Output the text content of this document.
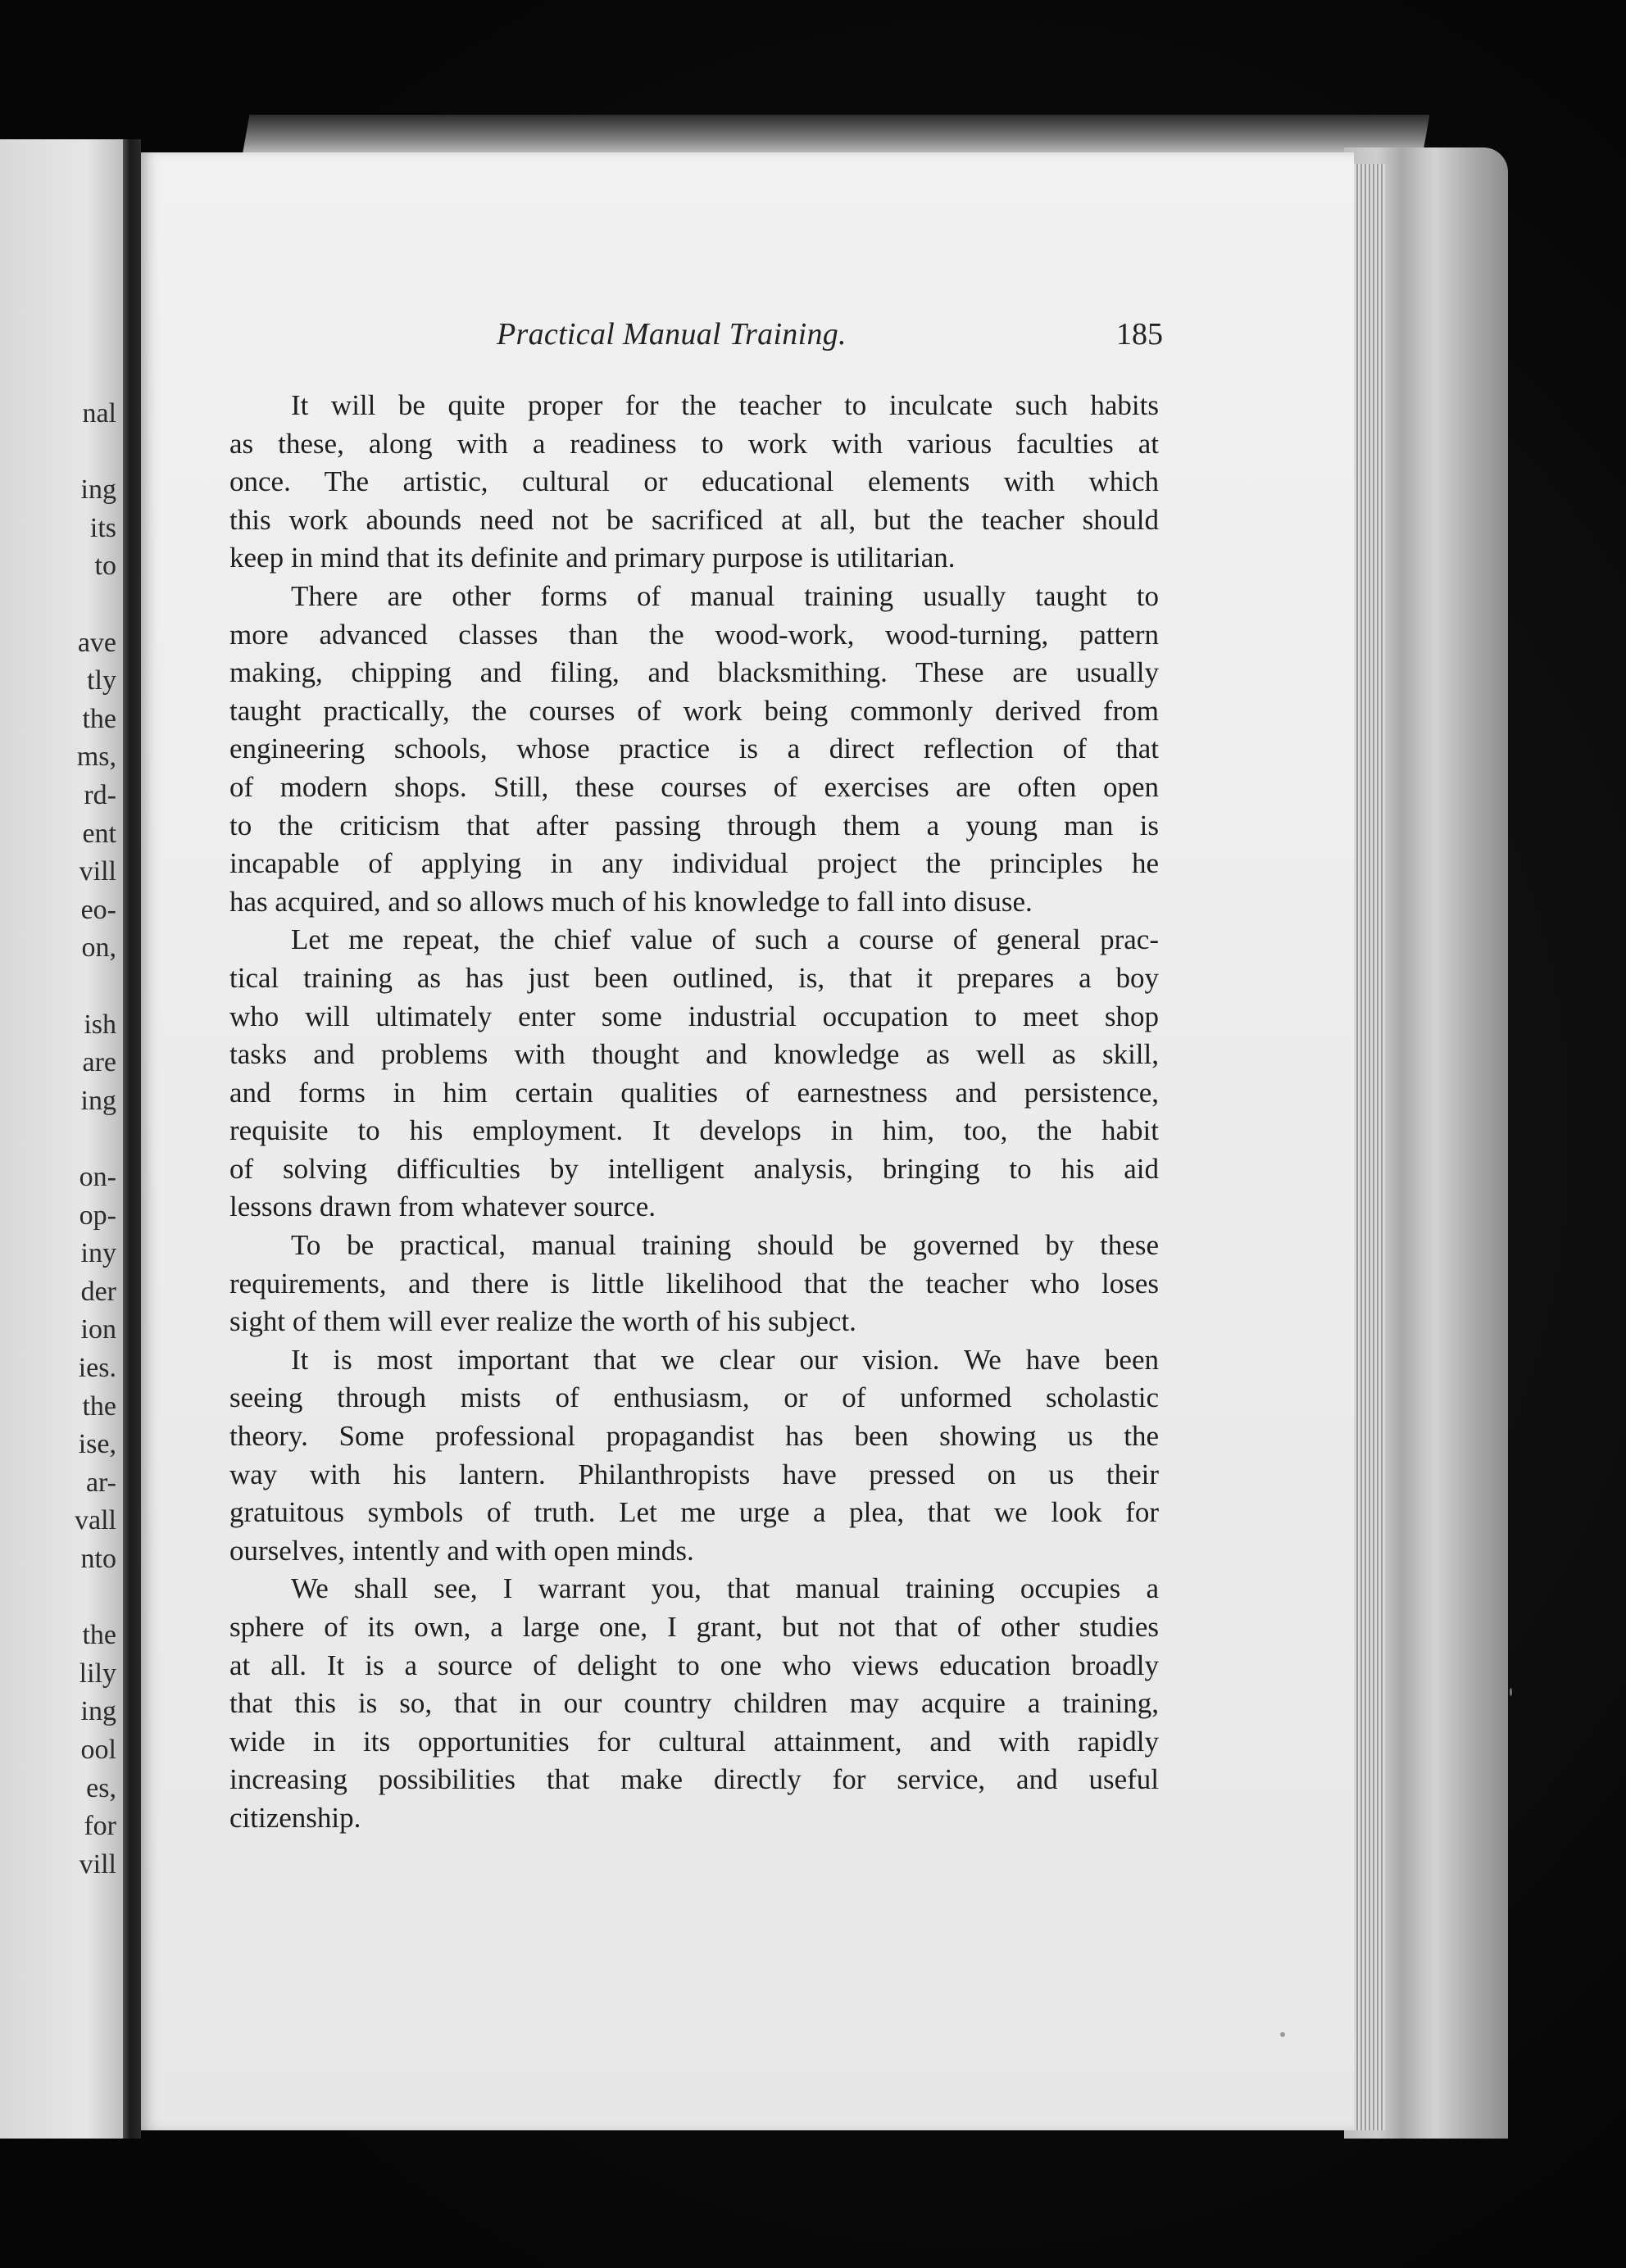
nal
ing
its
to
ave
tly
the
ms,
rd-
ent
vill
eo-
on,
ish
are
ing
on-
op-
iny
der
ion
ies.
the
ise,
ar-
vall
nto
the
lily
ing
ool
es,
for
vill
Practical Manual Training.	185
It will be quite proper for the teacher to inculcate such habits
as these, along with a readiness to work with various faculties at
once. The artistic, cultural or educational elements with which
this work abounds need not be sacrificed at all, but the teacher should
keep in mind that its definite and primary purpose is utilitarian.
There are other forms of manual training usually taught to
more advanced classes than the wood-work, wood-turning, pattern
making, chipping and filing, and blacksmithing. These are usually
taught practically, the courses of work being commonly derived from
engineering schools, whose practice is a direct reflection of that
of modern shops. Still, these courses of exercises are often open
to the criticism that after passing through them a young man is
incapable of applying in any individual project the principles he
has acquired, and so allows much of his knowledge to fall into disuse.
Let me repeat, the chief value of such a course of general prac-
tical training as has just been outlined, is, that it prepares a boy
who will ultimately enter some industrial occupation to meet shop
tasks and problems with thought and knowledge as well as skill,
and forms in him certain qualities of earnestness and persistence,
requisite to his employment. It develops in him, too, the habit
of solving difficulties by intelligent analysis, bringing to his aid
lessons drawn from whatever source.
To be practical, manual training should be governed by these
requirements, and there is little likelihood that the teacher who loses
sight of them will ever realize the worth of his subject.
It is most important that we clear our vision. We have been
seeing through mists of enthusiasm, or of unformed scholastic
theory. Some professional propagandist has been showing us the
way with his lantern. Philanthropists have pressed on us their
gratuitous symbols of truth. Let me urge a plea, that we look for
ourselves, intently and with open minds.
We shall see, I warrant you, that manual training occupies a
sphere of its own, a large one, I grant, but not that of other studies
at all. It is a source of delight to one who views education broadly
that this is so, that in our country children may acquire a training,
wide in its opportunities for cultural attainment, and with rapidly
increasing possibilities that make directly for service, and useful
citizenship.
